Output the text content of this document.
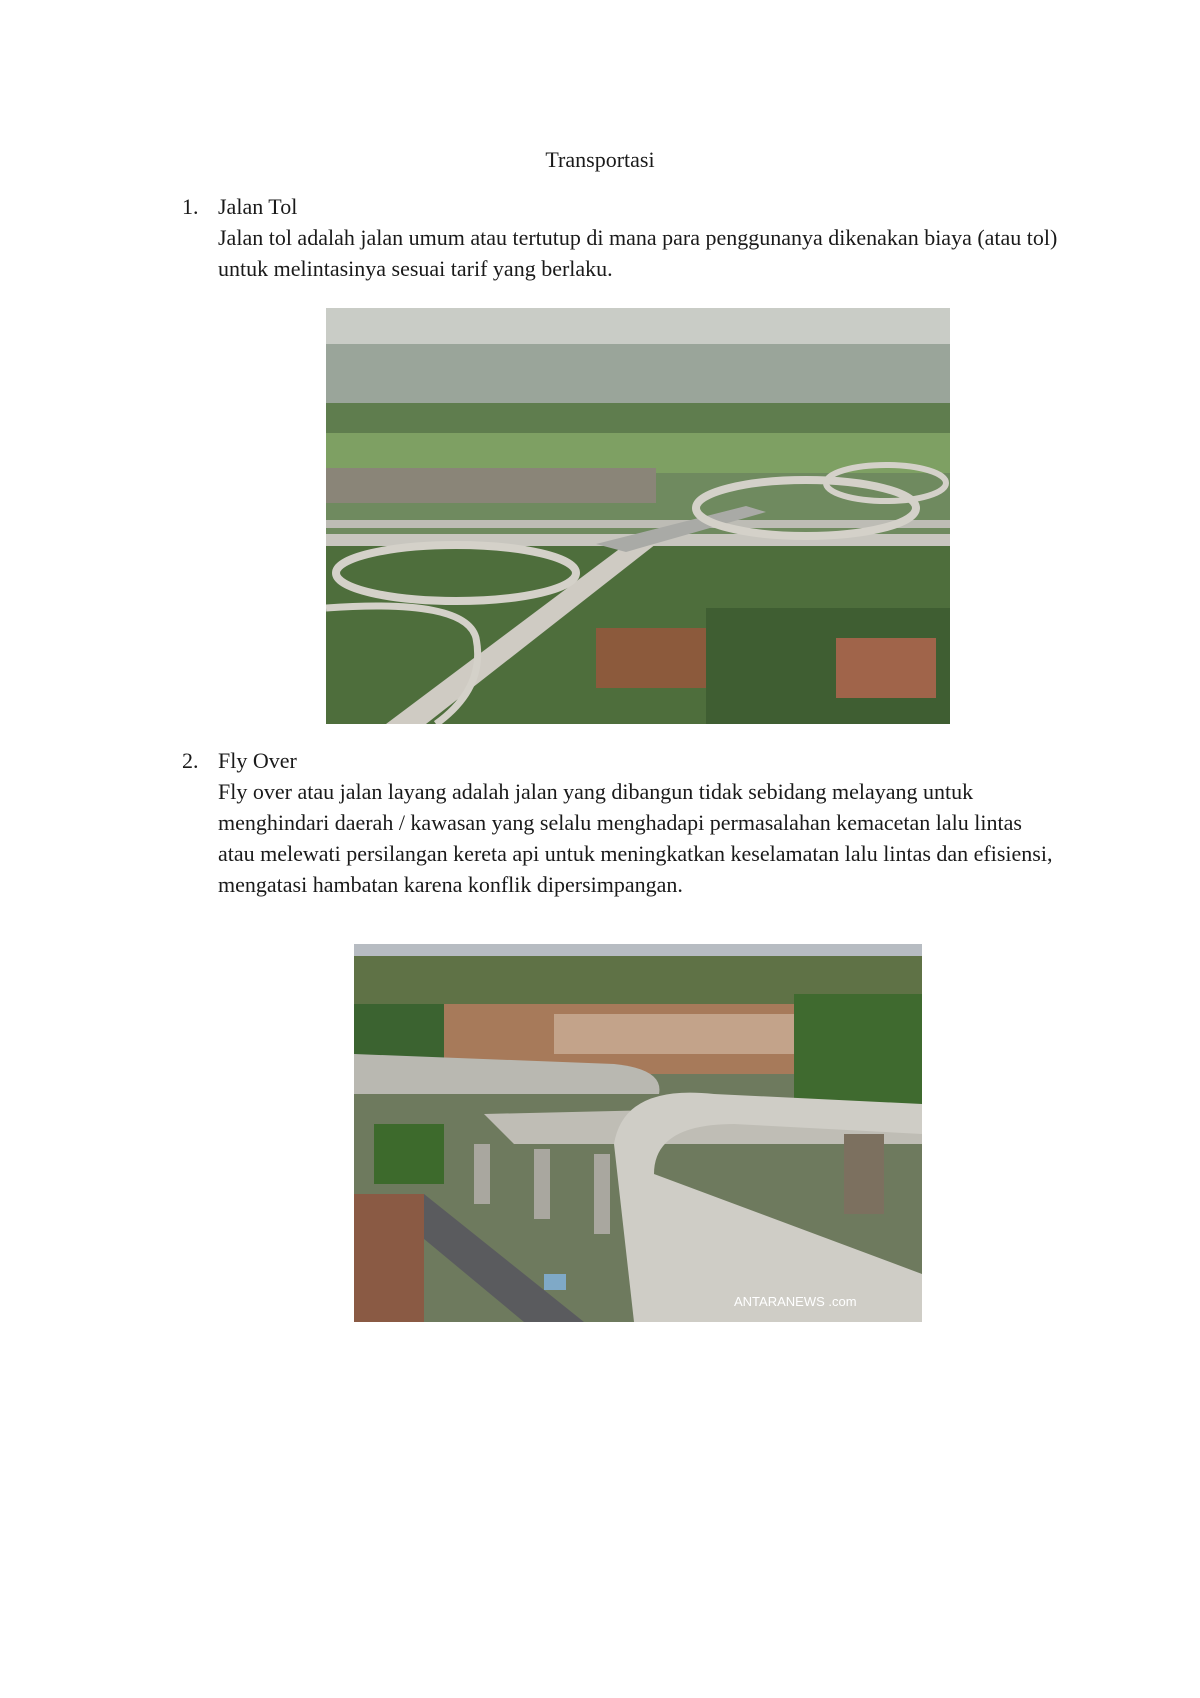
Transportasi
1. Jalan Tol
Jalan tol adalah jalan umum atau tertutup di mana para penggunanya dikenakan biaya (atau tol) untuk melintasinya sesuai tarif yang berlaku.
2. Fly Over
Fly over atau jalan layang adalah jalan yang dibangun tidak sebidang melayang untuk menghindari daerah / kawasan yang selalu menghadapi permasalahan kemacetan lalu lintas atau melewati persilangan kereta api untuk meningkatkan keselamatan lalu lintas dan efisiensi, mengatasi hambatan karena konflik dipersimpangan.
ANTARANEWS .com
